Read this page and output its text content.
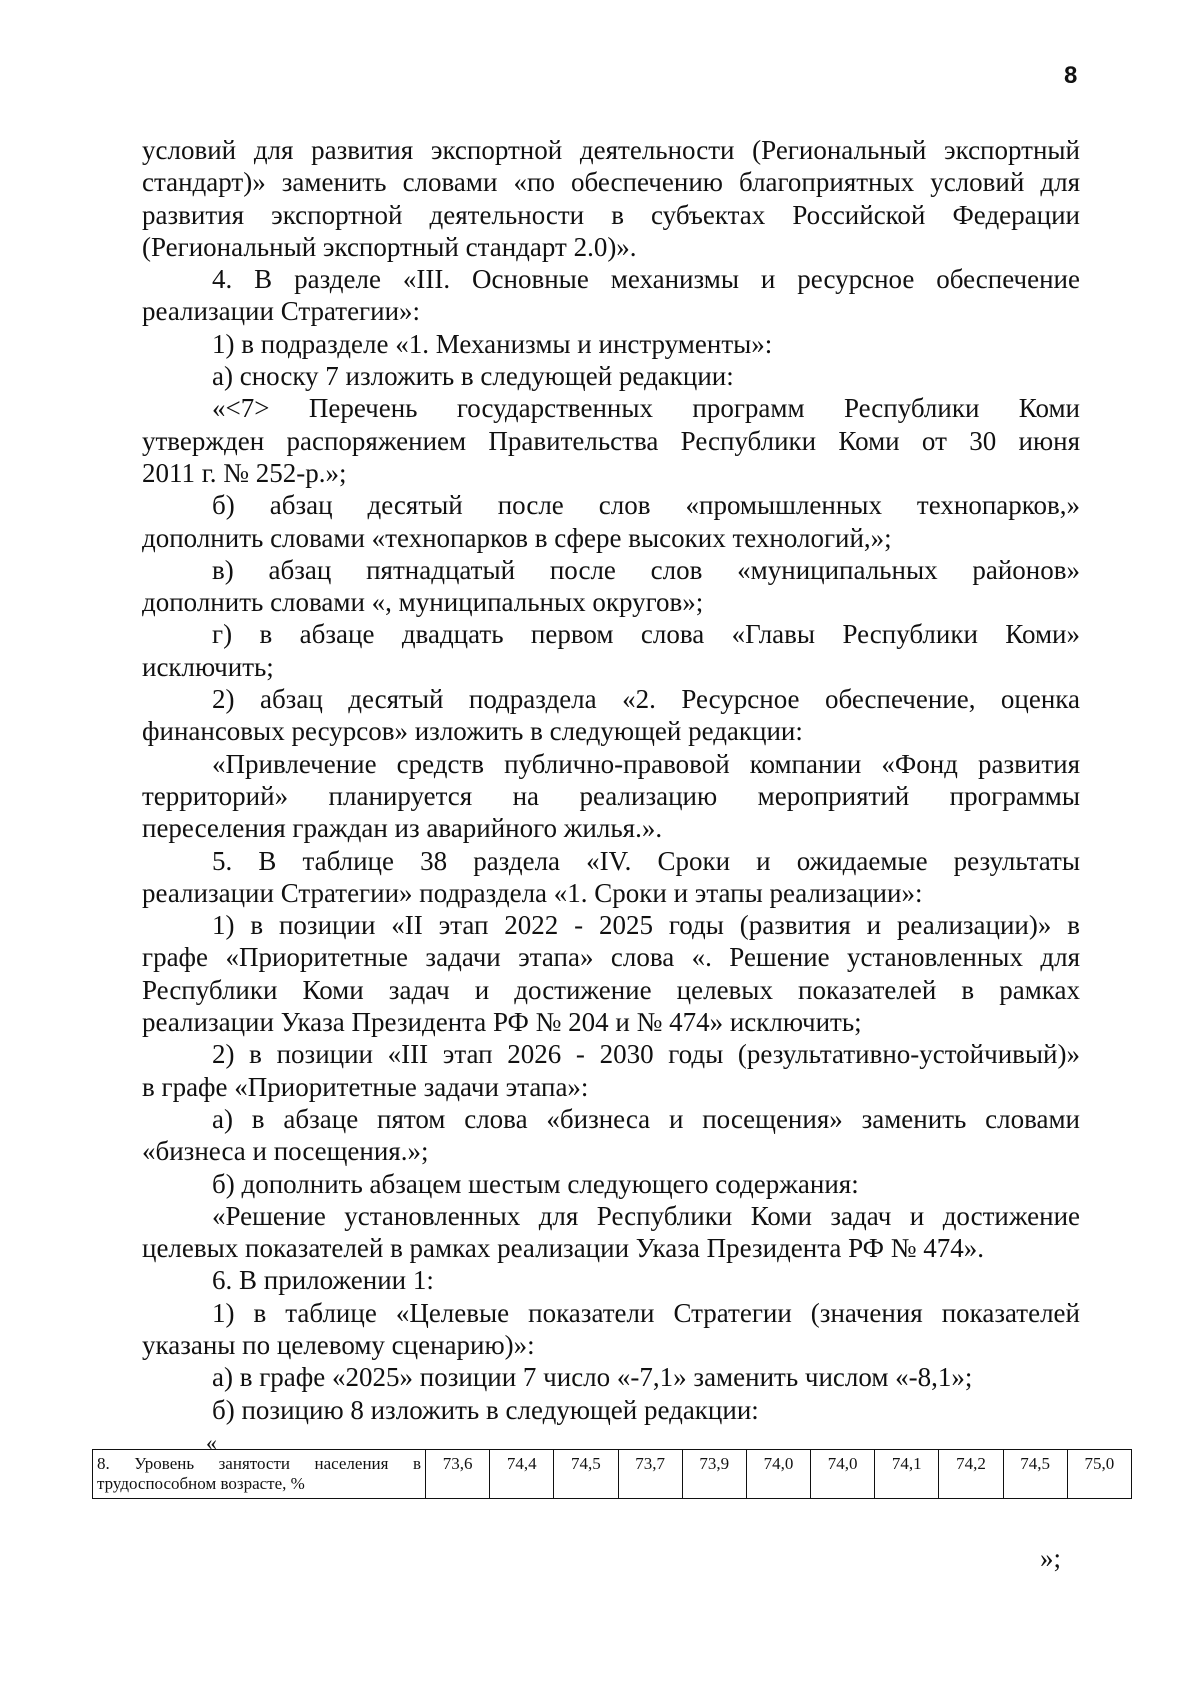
8
условий для развития экспортной деятельности (Региональный экспортный
стандарт)» заменить словами «по обеспечению благоприятных условий для
развития экспортной деятельности в субъектах Российской Федерации
(Региональный экспортный стандарт 2.0)».
4. В разделе «III. Основные механизмы и ресурсное обеспечение
реализации Стратегии»:
1) в подразделе «1. Механизмы и инструменты»:
а) сноску 7 изложить в следующей редакции:
«<7> Перечень государственных программ Республики Коми
утвержден распоряжением Правительства Республики Коми от 30 июня
2011 г. № 252-р.»;
б) абзац десятый после слов «промышленных технопарков,»
дополнить словами «технопарков в сфере высоких технологий,»;
в) абзац пятнадцатый после слов «муниципальных районов»
дополнить словами «, муниципальных округов»;
г) в абзаце двадцать первом слова «Главы Республики Коми»
исключить;
2) абзац десятый подраздела «2. Ресурсное обеспечение, оценка
финансовых ресурсов» изложить в следующей редакции:
«Привлечение средств публично-правовой компании «Фонд развития
территорий» планируется на реализацию мероприятий программы
переселения граждан из аварийного жилья.».
5. В таблице 38 раздела «IV. Сроки и ожидаемые результаты
реализации Стратегии» подраздела «1. Сроки и этапы реализации»:
1) в позиции «II этап 2022 - 2025 годы (развития и реализации)» в
графе «Приоритетные задачи этапа» слова «. Решение установленных для
Республики Коми задач и достижение целевых показателей в рамках
реализации Указа Президента РФ № 204 и № 474» исключить;
2) в позиции «III этап 2026 - 2030 годы (результативно-устойчивый)»
в графе «Приоритетные задачи этапа»:
а) в абзаце пятом слова «бизнеса и посещения» заменить словами
«бизнеса и посещения.»;
б) дополнить абзацем шестым следующего содержания:
«Решение установленных для Республики Коми задач и достижение
целевых показателей в рамках реализации Указа Президента РФ № 474».
6. В приложении 1:
1) в таблице «Целевые показатели Стратегии (значения показателей
указаны по целевому сценарию)»:
а) в графе «2025» позиции 7 число «-7,1» заменить числом «-8,1»;
б) позицию 8 изложить в следующей редакции:
«
8. Уровень занятости населения в
трудоспособном возрасте, %
	73,6	74,4	74,5	73,7	73,9	74,0	74,0	74,1	74,2	74,5	75,0
»;
